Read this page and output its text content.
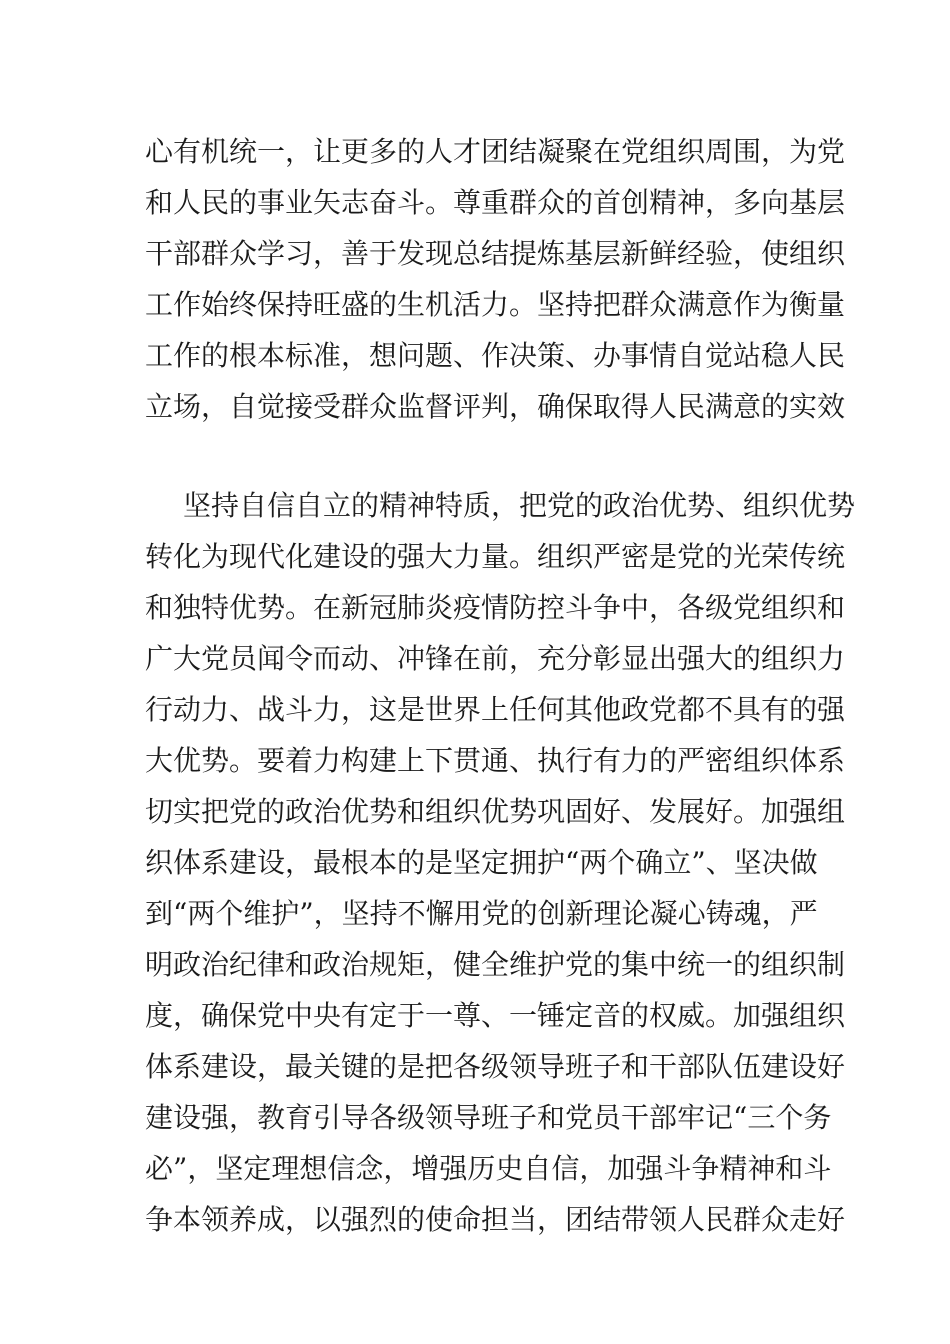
心有机统一，让更多的人才团结凝聚在党组织周围，为党
和人民的事业矢志奋斗。尊重群众的首创精神，多向基层
干部群众学习，善于发现总结提炼基层新鲜经验，使组织
工作始终保持旺盛的生机活力。坚持把群众满意作为衡量
工作的根本标准，想问题、作决策、办事情自觉站稳人民
立场，自觉接受群众监督评判，确保取得人民满意的实效
坚持自信自立的精神特质，把党的政治优势、组织优势
转化为现代化建设的强大力量。组织严密是党的光荣传统
和独特优势。在新冠肺炎疫情防控斗争中，各级党组织和
广大党员闻令而动、冲锋在前，充分彰显出强大的组织力
行动力、战斗力，这是世界上任何其他政党都不具有的强
大优势。要着力构建上下贯通、执行有力的严密组织体系
切实把党的政治优势和组织优势巩固好、发展好。加强组
织体系建设，最根本的是坚定拥护“两个确立”、坚决做
到“两个维护”，坚持不懈用党的创新理论凝心铸魂，严
明政治纪律和政治规矩，健全维护党的集中统一的组织制
度，确保党中央有定于一尊、一锤定音的权威。加强组织
体系建设，最关键的是把各级领导班子和干部队伍建设好
建设强，教育引导各级领导班子和党员干部牢记“三个务
必”，坚定理想信念，增强历史自信，加强斗争精神和斗
争本领养成，以强烈的使命担当，团结带领人民群众走好
